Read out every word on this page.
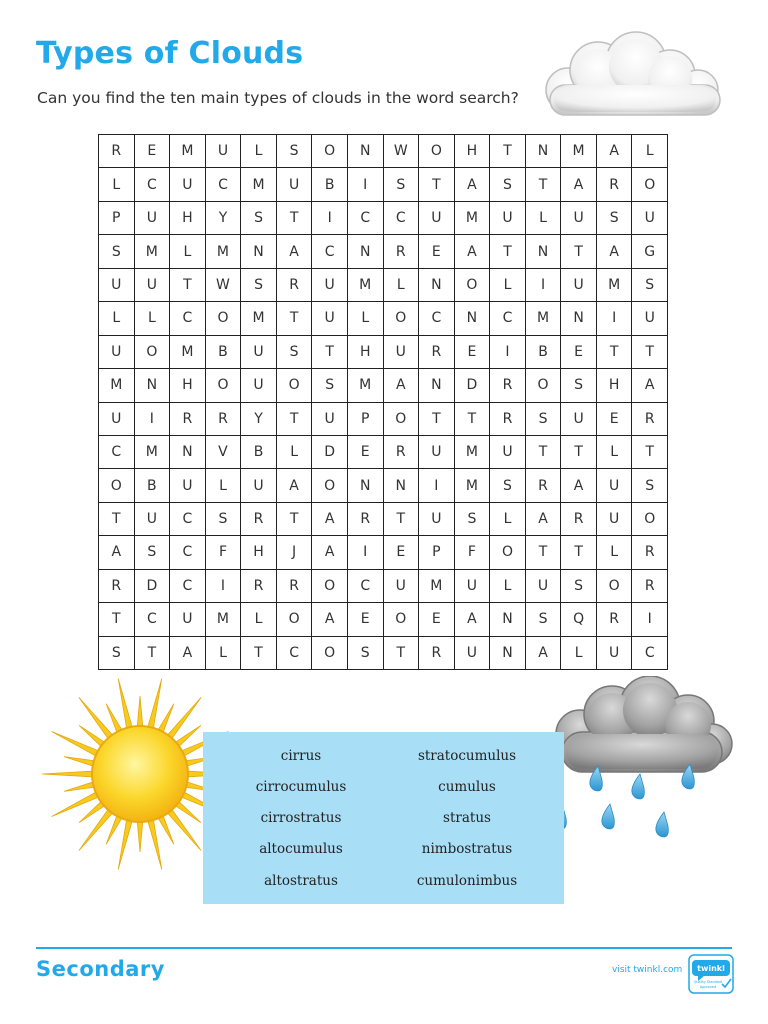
Types of Clouds
Can you find the ten main types of clouds in the word search?
R	E	M	U	L	S	O	N	W	O	H	T	N	M	A	L
L	C	U	C	M	U	B	I	S	T	A	S	T	A	R	O
P	U	H	Y	S	T	I	C	C	U	M	U	L	U	S	U
S	M	L	M	N	A	C	N	R	E	A	T	N	T	A	G
U	U	T	W	S	R	U	M	L	N	O	L	I	U	M	S
L	L	C	O	M	T	U	L	O	C	N	C	M	N	I	U
U	O	M	B	U	S	T	H	U	R	E	I	B	E	T	T
M	N	H	O	U	O	S	M	A	N	D	R	O	S	H	A
U	I	R	R	Y	T	U	P	O	T	T	R	S	U	E	R
C	M	N	V	B	L	D	E	R	U	M	U	T	T	L	T
O	B	U	L	U	A	O	N	N	I	M	S	R	A	U	S
T	U	C	S	R	T	A	R	T	U	S	L	A	R	U	O
A	S	C	F	H	J	A	I	E	P	F	O	T	T	L	R
R	D	C	I	R	R	O	C	U	M	U	L	U	S	O	R
T	C	U	M	L	O	A	E	O	E	A	N	S	Q	R	I
S	T	A	L	T	C	O	S	T	R	U	N	A	L	U	C
cirrus
cirrocumulus
cirrostratus
altocumulus
altostratus
stratocumulus
cumulus
stratus
nimbostratus
cumulonimbus
Secondary	visit twinkl.com twinkl
Quality Standard
Approved
